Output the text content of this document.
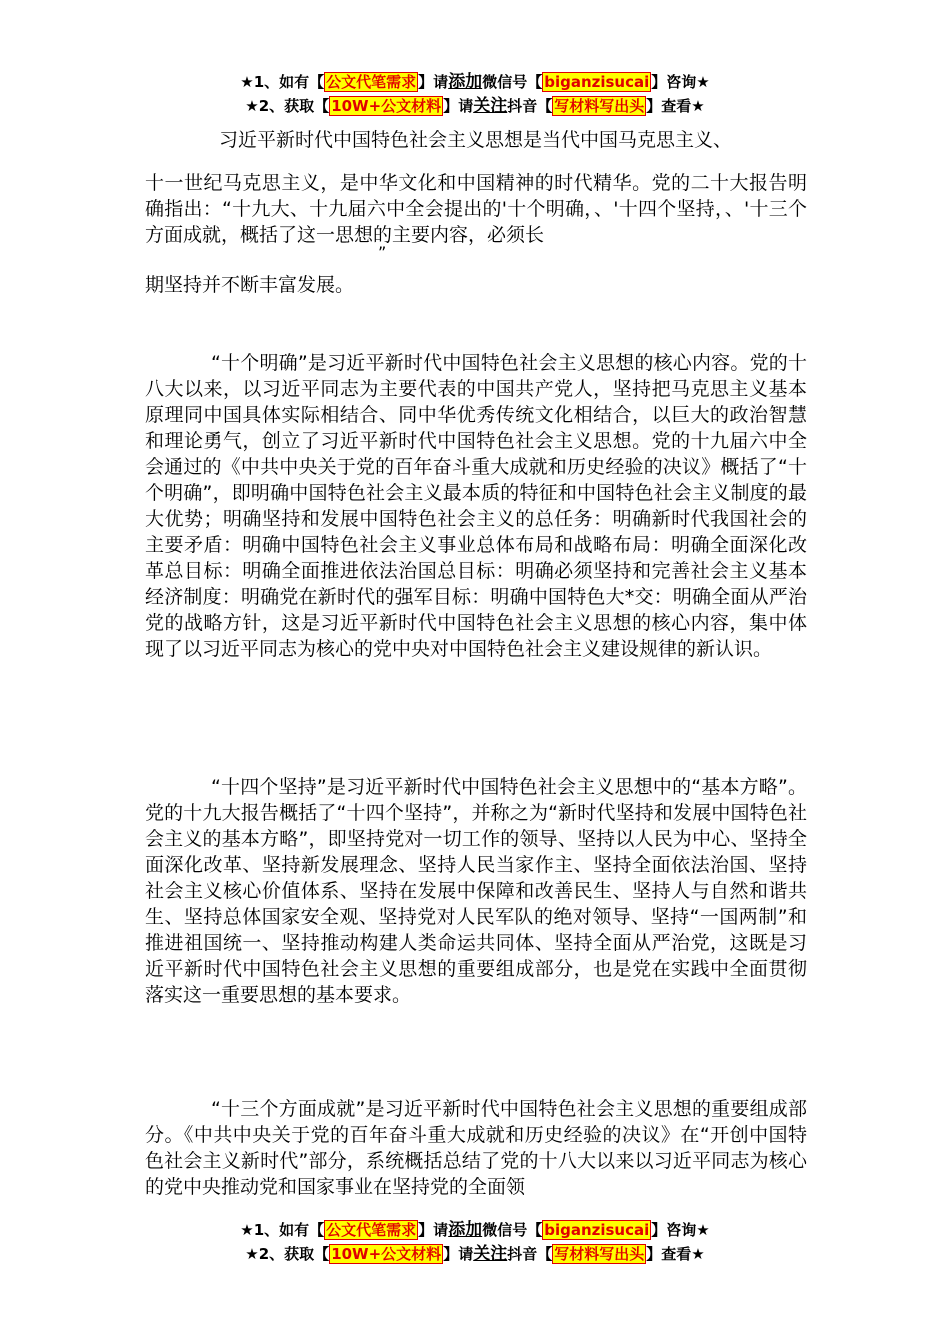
★1、如有【 公文代笔需求 】请添加微信号【 biganzisucai 】咨询★
★2、获取【 10W+公文材料 】请关注抖音【 写材料写出头 】查看★
习近平新时代中国特色社会主义思想是当代中国马克思主义、
十一世纪马克思主义，是中华文化和中国精神的时代精华。党的二十大报告明确指出：“十九大、十九届六中全会提出的'十个明确，、'十四个坚持，、'十三个方面成就，概括了这一思想的主要内容，必须长
”
期坚持并不断丰富发展。
“十个明确”是习近平新时代中国特色社会主义思想的核心内容。党的十八大以来，以习近平同志为主要代表的中国共产党人，坚持把马克思主义基本原理同中国具体实际相结合、同中华优秀传统文化相结合，以巨大的政治智慧和理论勇气，创立了习近平新时代中国特色社会主义思想。党的十九届六中全会通过的《中共中央关于党的百年奋斗重大成就和历史经验的决议》概括了“十个明确”，即明确中国特色社会主义最本质的特征和中国特色社会主义制度的最大优势；明确坚持和发展中国特色社会主义的总任务：明确新时代我国社会的主要矛盾：明确中国特色社会主义事业总体布局和战略布局：明确全面深化改革总目标：明确全面推进依法治国总目标：明确必须坚持和完善社会主义基本经济制度：明确党在新时代的强军目标：明确中国特色大*交：明确全面从严治党的战略方针，这是习近平新时代中国特色社会主义思想的核心内容，集中体现了以习近平同志为核心的党中央对中国特色社会主义建设规律的新认识。
“十四个坚持”是习近平新时代中国特色社会主义思想中的“基本方略”。党的十九大报告概括了“十四个坚持”，并称之为“新时代坚持和发展中国特色社会主义的基本方略”，即坚持党对一切工作的领导、坚持以人民为中心、坚持全面深化改革、坚持新发展理念、坚持人民当家作主、坚持全面依法治国、坚持社会主义核心价值体系、坚持在发展中保障和改善民生、坚持人与自然和谐共生、坚持总体国家安全观、坚持党对人民军队的绝对领导、坚持“一国两制”和推进祖国统一、坚持推动构建人类命运共同体、坚持全面从严治党，这既是习近平新时代中国特色社会主义思想的重要组成部分，也是党在实践中全面贯彻落实这一重要思想的基本要求。
“十三个方面成就”是习近平新时代中国特色社会主义思想的重要组成部分。《中共中央关于党的百年奋斗重大成就和历史经验的决议》在“开创中国特色社会主义新时代”部分，系统概括总结了党的十八大以来以习近平同志为核心的党中央推动党和国家事业在坚持党的全面领
★1、如有【 公文代笔需求 】请添加微信号【 biganzisucai 】咨询★
★2、获取【 10W+公文材料 】请关注抖音【 写材料写出头 】查看★
